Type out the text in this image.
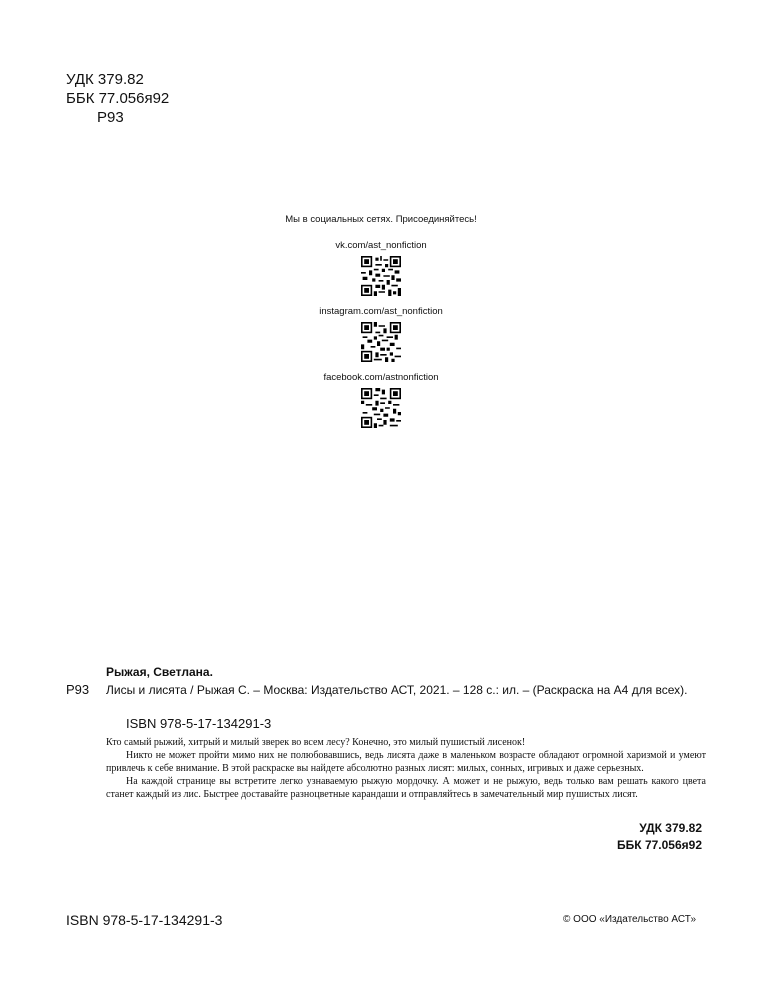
УДК 379.82
ББК 77.056я92
Р93
Мы в социальных сетях. Присоединяйтесь!
vk.com/ast_nonfiction
instagram.com/ast_nonfiction
facebook.com/astnonfiction
Рыжая, Светлана.
Р93 Лисы и лисята / Рыжая С. – Москва: Издательство АСТ, 2021. – 128 с.: ил. – (Раскраска на А4 для всех).
ISBN 978-5-17-134291-3

Кто самый рыжий, хитрый и милый зверек во всем лесу? Конечно, это милый пушистый лисенок!

Никто не может пройти мимо них не полюбовавшись, ведь лисята даже в маленьком возрасте обладают огромной харизмой и умеют привлечь к себе внимание. В этой раскраске вы найдете абсолютно разных лисят: милых, сонных, игривых и даже серьезных.

На каждой странице вы встретите легко узнаваемую рыжую мордочку. А может и не рыжую, ведь только вам решать какого цвета станет каждый из лис. Быстрее доставайте разноцветные карандаши и отправляйтесь в замечательный мир пушистых лисят.

УДК 379.82
ББК 77.056я92
ISBN 978-5-17-134291-3	© ООО «Издательство АСТ»
